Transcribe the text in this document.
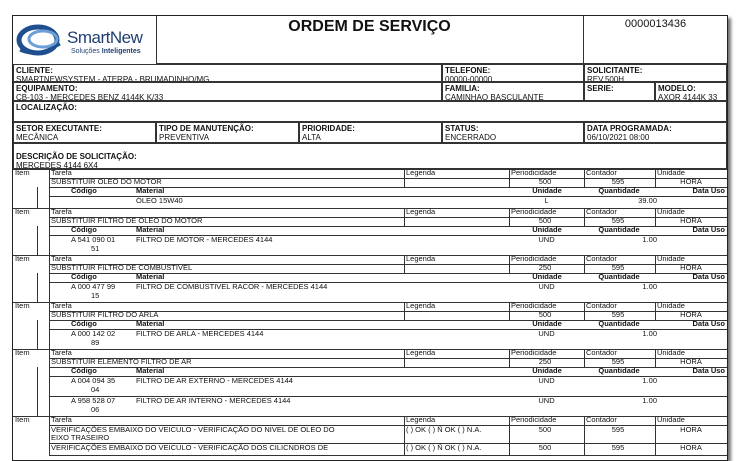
SmartNew
Soluções Inteligentes
ORDEM DE SERVIÇO	0000013436
CLIENTE:
SMARTNEWSYSTEM - ATERPA - BRUMADINHO/MG
TELEFONE:
00000-00000
SOLICITANTE:
REV.500H
EQUIPAMENTO:
CB-103 - MERCEDES BENZ 4144K K/33
FAMILIA:
CAMINHAO BASCULANTE
SERIE:	MODELO:
AXOR 4144K 33
LOCALIZAÇÃO:
SETOR EXECUTANTE:
MECÂNICA
TIPO DE MANUTENÇÃO:
PREVENTIVA
PRIORIDADE:
ALTA
STATUS:
ENCERRADO
DATA PROGRAMADA:
06/10/2021 08:00
DESCRIÇÃO DE SOLICITAÇÃO:
MERCEDES 4144 6X4
Item	Tarefa	Legenda	Periodicidade	Contador	Unidade
SUBSTITUIR OLEO DO MOTOR	500	595	HORA
Código	Material	Unidade	Quantidade	Data Uso
ÓLEO 15W40	L	39.00
Item	Tarefa	Legenda	Periodicidade	Contador	Unidade
SUBSTITUIR FILTRO DE OLEO DO MOTOR	500	595	HORA
Código	Material	Unidade	Quantidade	Data Uso
A 541 090 01
51
FILTRO DE MOTOR - MERCEDES 4144	UND	1.00
Item	Tarefa	Legenda	Periodicidade	Contador	Unidade
SUBSTITUIR FILTRO DE COMBUSTÍVEL	250	595	HORA
Código	Material	Unidade	Quantidade	Data Uso
A 000 477 99
15
FILTRO DE COMBUSTIVEL RACOR - MERCEDES 4144	UND	1.00
Item	Tarefa	Legenda	Periodicidade	Contador	Unidade
SUBSTITUIR FILTRO DO ARLA	500	595	HORA
Código	Material	Unidade	Quantidade	Data Uso
A 000 142 02
89
FILTRO DE ARLA - MERCEDES 4144	UND	1.00
Item	Tarefa	Legenda	Periodicidade	Contador	Unidade
SUBSTITUIR ELEMENTO FILTRO DE AR	250	595	HORA
Código	Material	Unidade	Quantidade	Data Uso
A 004 094 35
04
FILTRO DE AR EXTERNO - MERCEDES 4144	UND	1.00
A 958 528 07
06
FILTRO DE AR INTERNO - MERCEDES 4144	UND	1.00
Item	Tarefa	Legenda	Periodicidade	Contador	Unidade
VERIFICAÇÕES EMBAIXO DO VEICULO - VERIFICAÇÃO DO NIVEL DE OLEO DO
EIXO TRASEIRO
( ) OK ( ) Ñ OK ( ) N.A.	500	595	HORA
VERIFICAÇÕES EMBAIXO DO VEICULO - VERIFICAÇÃO DOS CILICNDROS DE	( ) OK ( ) Ñ OK ( ) N.A.	500	595	HORA
